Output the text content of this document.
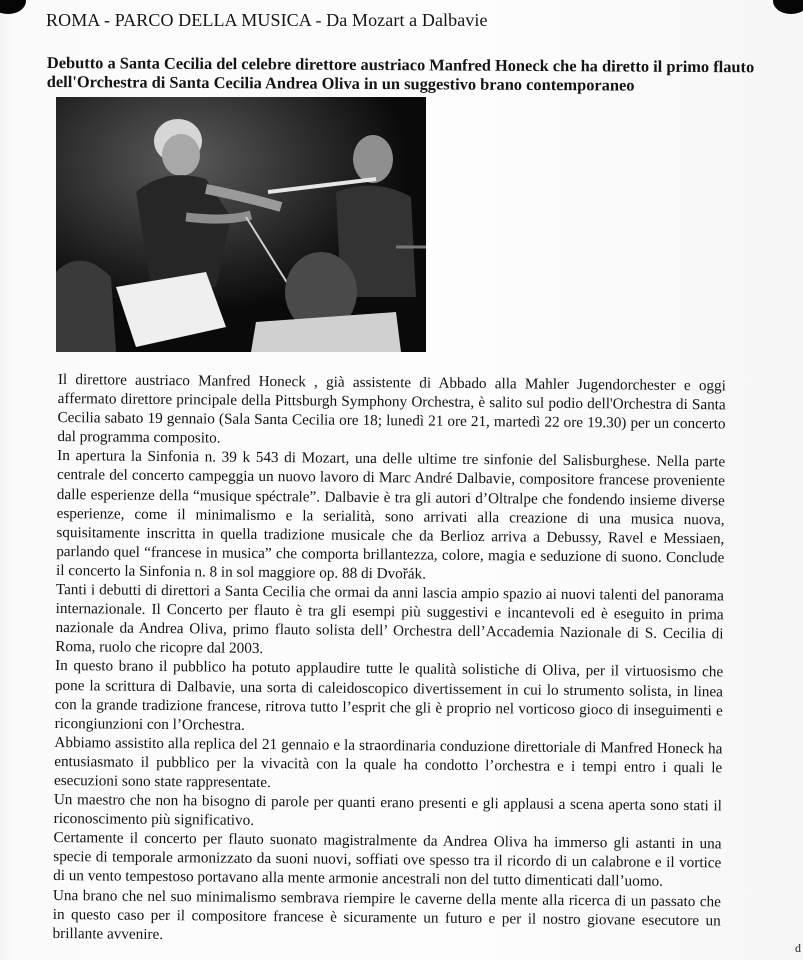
ROMA - PARCO DELLA MUSICA - Da Mozart a Dalbavie
Debutto a Santa Cecilia del celebre direttore austriaco Manfred Honeck che ha diretto il primo flauto dell'Orchestra di Santa Cecilia Andrea Oliva in un suggestivo brano contemporaneo

Il direttore austriaco Manfred Honeck , già assistente di Abbado alla Mahler Jugendorchester e oggi affermato direttore principale della Pittsburgh Symphony Orchestra, è salito sul podio dell'Orchestra di Santa Cecilia sabato 19 gennaio (Sala Santa Cecilia ore 18; lunedì 21 ore 21, martedì 22 ore 19.30) per un concerto dal programma composito.

In apertura la Sinfonia n. 39 k 543 di Mozart, una delle ultime tre sinfonie del Salisburghese. Nella parte centrale del concerto campeggia un nuovo lavoro di Marc André Dalbavie, compositore francese proveniente dalle esperienze della “musique spéctrale”. Dalbavie è tra gli autori d’Oltralpe che fondendo insieme diverse esperienze, come il minimalismo e la serialità, sono arrivati alla creazione di una musica nuova, squisitamente inscritta in quella tradizione musicale che da Berlioz arriva a Debussy, Ravel e Messiaen, parlando quel “francese in musica” che comporta brillantezza, colore, magia e seduzione di suono. Conclude il concerto la Sinfonia n. 8 in sol maggiore op. 88 di Dvořák.

Tanti i debutti di direttori a Santa Cecilia che ormai da anni lascia ampio spazio ai nuovi talenti del panorama internazionale. Il Concerto per flauto è tra gli esempi più suggestivi e incantevoli ed è eseguito in prima nazionale da Andrea Oliva, primo flauto solista dell’ Orchestra dell’Accademia Nazionale di S. Cecilia di Roma, ruolo che ricopre dal 2003.

In questo brano il pubblico ha potuto applaudire tutte le qualità solistiche di Oliva, per il virtuosismo che pone la scrittura di Dalbavie, una sorta di caleidoscopico divertissement in cui lo strumento solista, in linea con la grande tradizione francese, ritrova tutto l’esprit che gli è proprio nel vorticoso gioco di inseguimenti e ricongiunzioni con l’Orchestra.

Abbiamo assistito alla replica del 21 gennaio e la straordinaria conduzione direttoriale di Manfred Honeck ha entusiasmato il pubblico per la vivacità con la quale ha condotto l’orchestra e i tempi entro i quali le esecuzioni sono state rappresentate.

Un maestro che non ha bisogno di parole per quanti erano presenti e gli applausi a scena aperta sono stati il riconoscimento più significativo.

Certamente il concerto per flauto suonato magistralmente da Andrea Oliva ha immerso gli astanti in una specie di temporale armonizzato da suoni nuovi, soffiati ove spesso tra il ricordo di un calabrone e il vortice di un vento tempestoso portavano alla mente armonie ancestrali non del tutto dimenticati dall’uomo.

Una brano che nel suo minimalismo sembrava riempire le caverne della mente alla ricerca di un passato che in questo caso per il compositore francese è sicuramente un futuro e per il nostro giovane esecutore un brillante avvenire.

d
